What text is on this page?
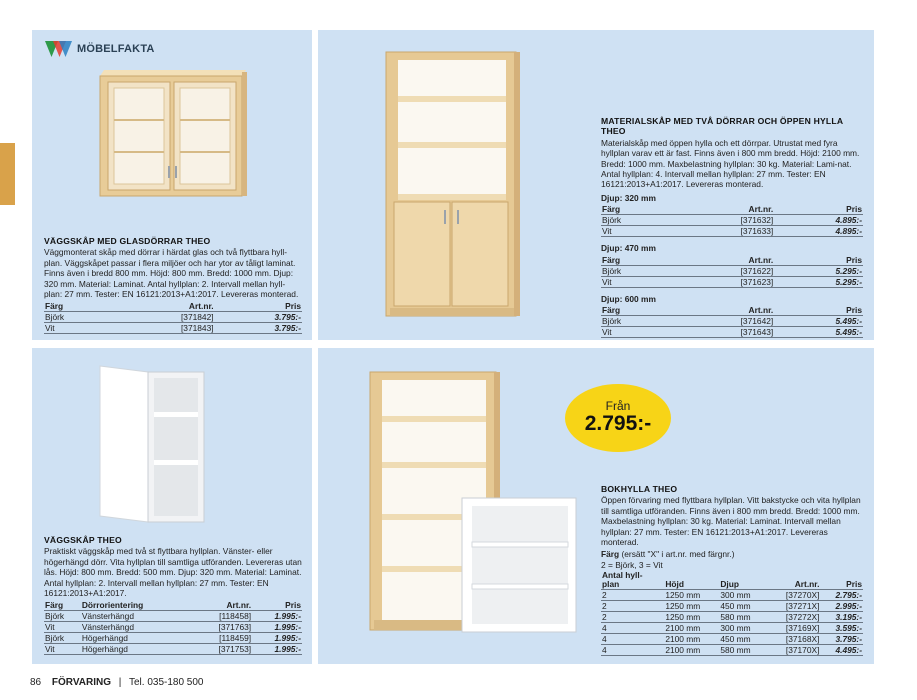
MÖBELFAKTA
VÄGGSKÅP MED GLASDÖRRAR THEO
Väggmonterat skåp med dörrar i härdat glas och två flyttbara hyll-plan. Väggskåpet passar i flera miljöer och har ytor av tåligt laminat. Finns även i bredd 800 mm. Höjd: 800 mm. Bredd: 1000 mm. Djup: 320 mm. Material: Laminat. Antal hyllplan: 2. Intervall mellan hyll-plan: 27 mm. Tester: EN 16121:2013+A1:2017. Levereras monterad.
Färg	Art.nr.	Pris
Björk	[371842]	3.795:-
Vit	[371843]	3.795:-
MATERIALSKÅP MED TVÅ DÖRRAR OCH ÖPPEN HYLLA THEO
Materialskåp med öppen hylla och ett dörrpar. Utrustat med fyra hyllplan varav ett är fast. Finns även i 800 mm bredd. Höjd: 2100 mm. Bredd: 1000 mm. Maxbelastning hyllplan: 30 kg. Material: Lami-nat. Antal hyllplan: 4. Intervall mellan hyllplan: 27 mm. Tester: EN 16121:2013+A1:2017. Levereras monterad.
Djup: 320 mm
Färg	Art.nr.	Pris
Björk	[371632]	4.895:-
Vit	[371633]	4.895:-
Djup: 470 mm
Färg	Art.nr.	Pris
Björk	[371622]	5.295:-
Vit	[371623]	5.295:-
Djup: 600 mm
Färg	Art.nr.	Pris
Björk	[371642]	5.495:-
Vit	[371643]	5.495:-
VÄGGSKÅP THEO
Praktiskt väggskåp med två st flyttbara hyllplan. Vänster- eller högerhängd dörr. Vita hyllplan till samtliga utföranden. Levereras utan lås. Höjd: 800 mm. Bredd: 500 mm. Djup: 320 mm. Material: Laminat. Antal hyllplan: 2. Intervall mellan hyllplan: 27 mm. Tester: EN 16121:2013+A1:2017.
Färg	Dörrorientering	Art.nr.	Pris
Björk	Vänsterhängd	[118458]	1.995:-
Vit	Vänsterhängd	[371763]	1.995:-
Björk	Högerhängd	[118459]	1.995:-
Vit	Högerhängd	[371753]	1.995:-
Från
2.795:-
BOKHYLLA THEO
Öppen förvaring med flyttbara hyllplan. Vitt bakstycke och vita hyllplan till samtliga utföranden. Finns även i 800 mm bredd. Bredd: 1000 mm. Maxbelastning hyllplan: 30 kg. Material: Laminat. Intervall mellan hyllplan: 27 mm. Tester: EN 16121:2013+A1:2017. Levereras monterad.
Färg (ersätt "X" i art.nr. med färgnr.)
2 = Björk, 3 = Vit
Antal hyll-
plan	Höjd	Djup	Art.nr.	Pris
2	1250 mm	300 mm	[37270X]	2.795:-
2	1250 mm	450 mm	[37271X]	2.995:-
2	1250 mm	580 mm	[37272X]	3.195:-
4	2100 mm	300 mm	[37169X]	3.595:-
4	2100 mm	450 mm	[37168X]	3.795:-
4	2100 mm	580 mm	[37170X]	4.495:-
86 FÖRVARING | Tel. 035-180 500
